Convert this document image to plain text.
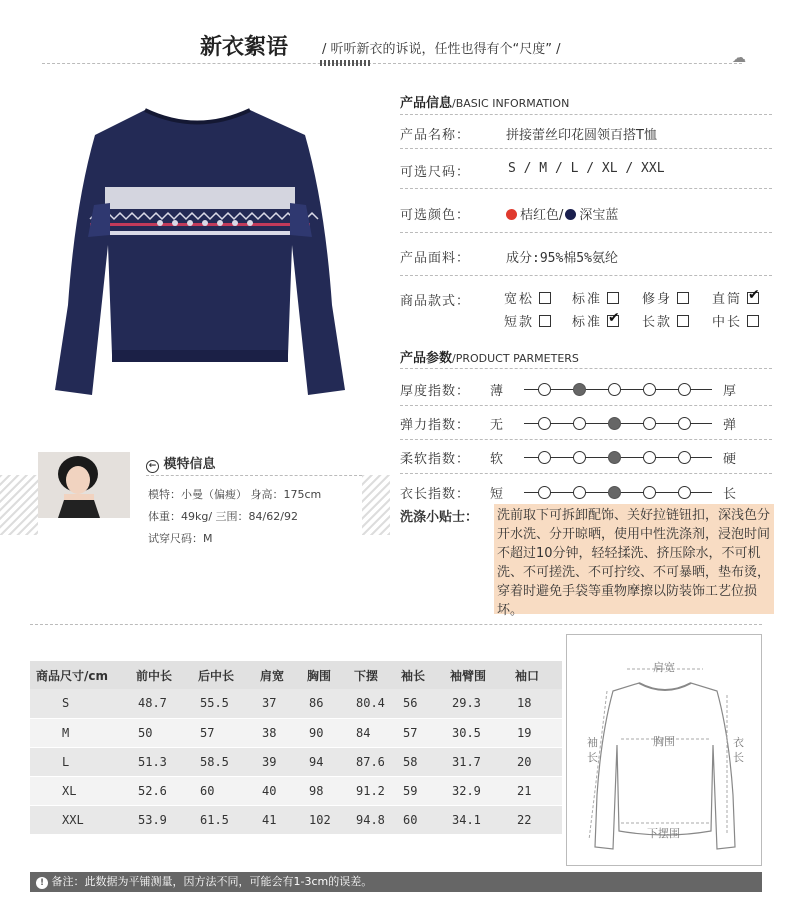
新衣絮语	/ 听听新衣的诉说，任性也得有个“尺度” /
☁
产品信息/BASIC INFORMATION
产品名称：	拼接蕾丝印花圆领百搭T恤
可选尺码：	S / M / L / XL / XXL
可选颜色：	桔红色/ 深宝蓝
产品面料：	成分:95%棉5%氨纶
商品款式：	宽松	标准	修身	直筒✔
短款	标准 ✔	长款	中长
产品参数/PRODUCT PARMETERS
厚度指数： 薄	厚
弹力指数： 无	弹
柔软指数： 软	硬
衣长指数： 短	长
洗涤小贴士： 洗前取下可拆卸配饰、关好拉链钮扣，深浅色分开水洗、分开晾晒，使用中性洗涤剂，浸泡时间不超过10分钟，轻轻揉洗、挤压除水，不可机洗、不可搓洗、不可拧绞、不可暴晒，垫布烫，穿着时避免手袋等重物摩擦以防装饰工艺位损坏。
← 模特信息
模特：小曼（偏瘦） 身高：175cm
体重：49kg/ 三围：84/62/92
试穿尺码：M
商品尺寸/cm	前中长	后中长	肩宽	胸围	下摆	袖长	袖臂围	袖口
S	48.7	55.5	37	86	80.4	56	29.3	18
M	50	57	38	90	84	57	30.5	19
L	51.3	58.5	39	94	87.6	58	31.7	20
XL	52.6	60	40	98	91.2	59	32.9	21
XXL	53.9	61.5	41	102	94.8	60	34.1	22
肩宽
胸围
袖长
衣长
下摆围
! 备注：此数据为平铺测量，因方法不同，可能会有1-3cm的误差。
